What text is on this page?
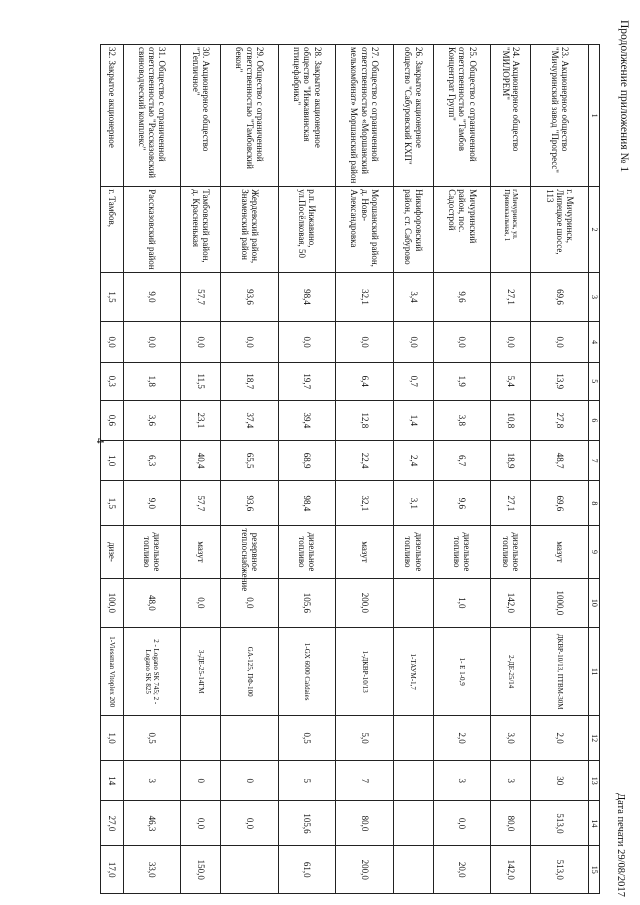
4
Продолжение приложения № 1
1	2	3	4	5	6	7	8	9	10	11	12	13	14	15
23. Акционерное общество "Мичуринский завод "Прогресс"	г. Мичуринск, Липецкое шоссе, 113	69,6	0,0	13,9	27,8	48,7	69,6	мазут	1000,0	ДКВР-10/13, ПТВМ-30М	2,0	30	513,0	513,0
24. Акционерное общество "МИЛОРЕМ"	г.Мичуринск, ул. Привокзальная, 1	27,1	0,0	5,4	10,8	18,9	27,1	дизельное топливо	142,0	2-ДЕ-25/14	3,0	3	80,0	142,0
25. Общество с ограниченной ответственностью "Тамбов Концентрат Групп"	Мичуринский район, пос. Садострой	9,6	0,0	1,9	3,8	6,7	9,6	дизельное топливо	1,0	1- Е 1-0,9	2,0	3	0,0	20,0
26. Закрытое акционерное общество "Сабуровский КХП"	Никифоровский район, ст. Сабурово	3,4	0,0	0,7	1,4	2,4	3,1	дизельное топливо		1-ТАУМ-1,7				
27. Общество с ограниченной ответственностью «Моршанский мелькомбинат» Моршанский район	Моршанский район, д. Ново-Александровка	32,1	0,0	6,4	12,8	22,4	32,1	мазут	200,0	1-ДКВР-10/13	5,0	7	80,0	200,0
28. Закрытое акционерное общество "Инжавинская птицефабрика"	р.п. Инжавино, ул.Посёлковая, 50	98,4	0,0	19,7	39,4	68,9	98,4	дизельное топливо	105,6	1-GX 6000 Caldaies	0,5	5	105,6	61,0
29. Общество с ограниченной ответственностью "Тамбовский бекон"	Жердевский район, Знаменский район	93,6	0,0	18,7	37,4	65,5	93,6	резервное теплоснабжение	0,0	GA-125, ПФ-100		0	0,0	
30. Акционерное общество "Тепличное"	Тамбовский район, д. Красненькая	57,7	0,0	11,5	23,1	40,4	57,7	мазут	0,0	3-ДЕ-25-14ГМ		0	0,0	150,0
31. Общество с ограниченной ответственностью "Рассказовский свиноводческий комплекс"	Рассказовский район	9,0	0,0	1,8	3,6	6,3	9,0	дизельное топливо	48,0	2 - Logano SK 745; 2 - Logano SK 825	0,5	3	46,3	33,0
32. Закрытое акционерное	г. Тамбов,	1,5	0,0	0,3	0,6	1,0	1,5	дизе-	100,0	1-Viessman Vitoplex 200	1,0	14	27,0	17,0	Дата печати 29/08/2017
